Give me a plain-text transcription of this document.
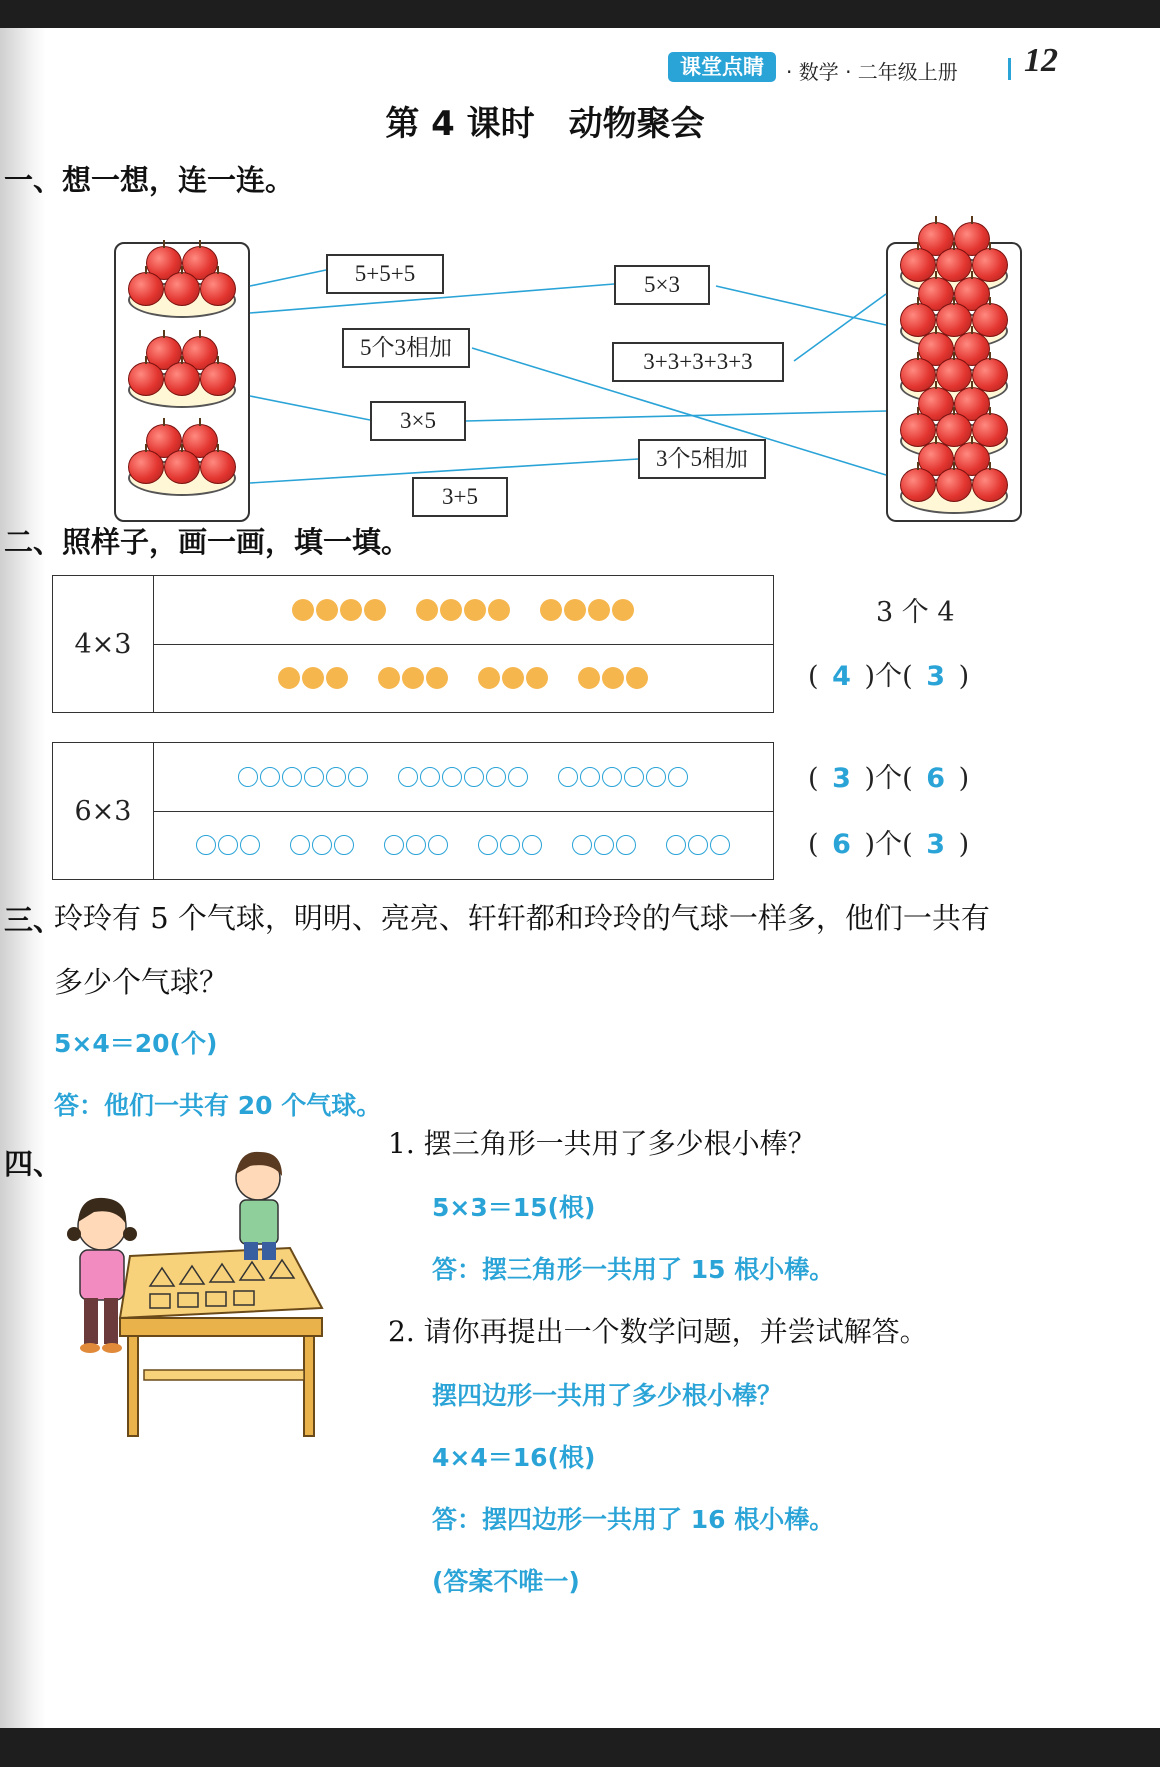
课堂点睛	· 数学 · 二年级上册 12
第 4 课时　动物聚会
一、想一想，连一连。
5+5+5	5×3
5个3相加
3+3+3+3+3
3×5
3个5相加
3+5
二、照样子，画一画，填一填。
4×3
3 个 4
( 4 )个( 3 )
6×3
( 3 )个( 6 )
( 6 )个( 3 )
三、
玲玲有 5 个气球，明明、亮亮、轩轩都和玲玲的气球一样多，他们一共有
多少个气球？
5×4＝20(个)
答：他们一共有 20 个气球。
四、
1. 摆三角形一共用了多少根小棒？
5×3＝15(根)
答：摆三角形一共用了 15 根小棒。
2. 请你再提出一个数学问题，并尝试解答。
摆四边形一共用了多少根小棒？
4×4＝16(根)
答：摆四边形一共用了 16 根小棒。
(答案不唯一)
